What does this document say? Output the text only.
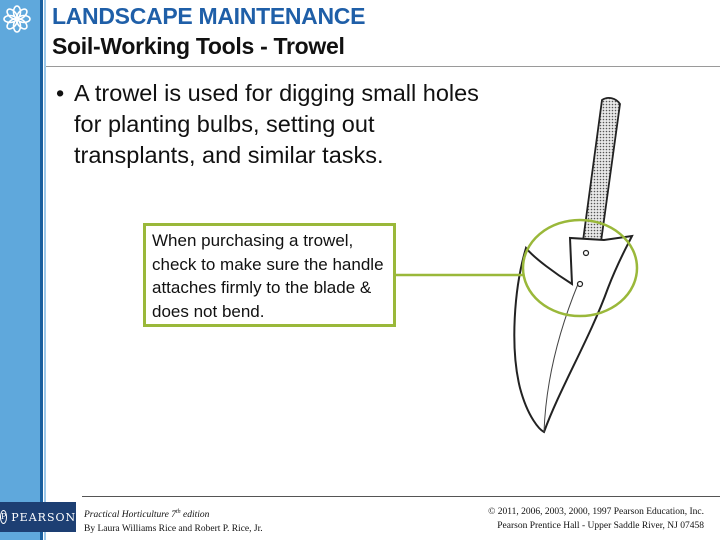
LANDSCAPE MAINTENANCE
Soil-Working Tools - Trowel
• A trowel is used for digging small holes for planting bulbs, setting out transplants, and similar tasks.
When purchasing a trowel, check to make sure the handle attaches firmly to the blade & does not bend.
P PEARSON Practical Horticulture 7th edition
By Laura Williams Rice and Robert P. Rice, Jr.
© 2011, 2006, 2003, 2000, 1997 Pearson Education, Inc.
Pearson Prentice Hall - Upper Saddle River, NJ 07458
